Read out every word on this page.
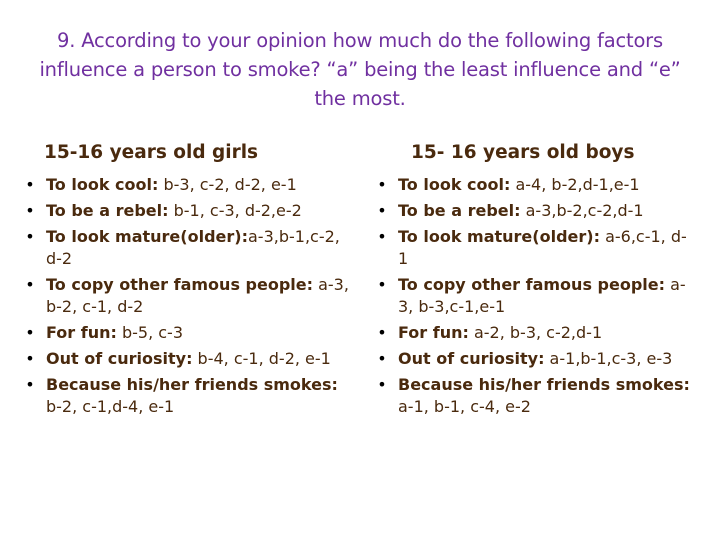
9. According to your opinion how much do the following factors influence a person to smoke? “a” being the least influence and “e” the most.
15-16 years old girls	15- 16 years old boys
• To look cool: b-3, c-2, d-2, e-1
• To be a rebel: b-1, c-3, d-2,e-2
• To look mature(older):a-3,b-1,c-2, d-2
• To copy other famous people: a-3, b-2, c-1, d-2
• For fun: b-5, c-3
• Out of curiosity: b-4, c-1, d-2, e-1
• Because his/her friends smokes: b-2, c-1,d-4, e-1
• To look cool: a-4, b-2,d-1,e-1
• To be a rebel: a-3,b-2,c-2,d-1
• To look mature(older): a-6,c-1, d-1
• To copy other famous people: a-3, b-3,c-1,e-1
• For fun: a-2, b-3, c-2,d-1
• Out of curiosity: a-1,b-1,c-3, e-3
• Because his/her friends smokes: a-1, b-1, c-4, e-2
